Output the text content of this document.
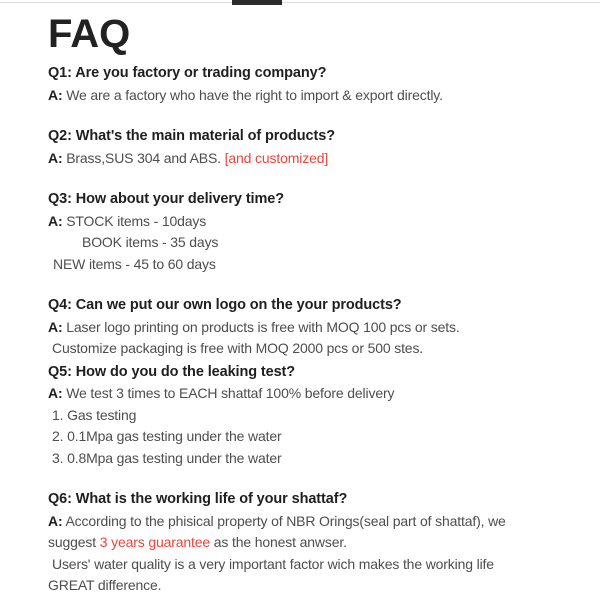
FAQ

Q1: Are you factory or trading company?

A: We are a factory who have the right to import & export directly.

Q2: What's the main material of products?

A: Brass,SUS 304 and ABS. [and customized]

Q3: How about your delivery time?

A: STOCK items - 10days

BOOK items - 35 days

NEW items - 45 to 60 days

Q4: Can we put our own logo on the your products?

A: Laser logo printing on products is free with MOQ 100 pcs or sets.

Customize packaging is free with MOQ 2000 pcs or 500 stes.

Q5: How do you do the leaking test?

A: We test 3 times to EACH shattaf 100% before delivery

1. Gas testing

2. 0.1Mpa gas testing under the water

3. 0.8Mpa gas testing under the water

Q6: What is the working life of your shattaf?

A: According to the phisical property of NBR Orings(seal part of shattaf), we

suggest 3 years guarantee as the honest anwser.

Users' water quality is a very important factor wich makes the working life

GREAT difference.
